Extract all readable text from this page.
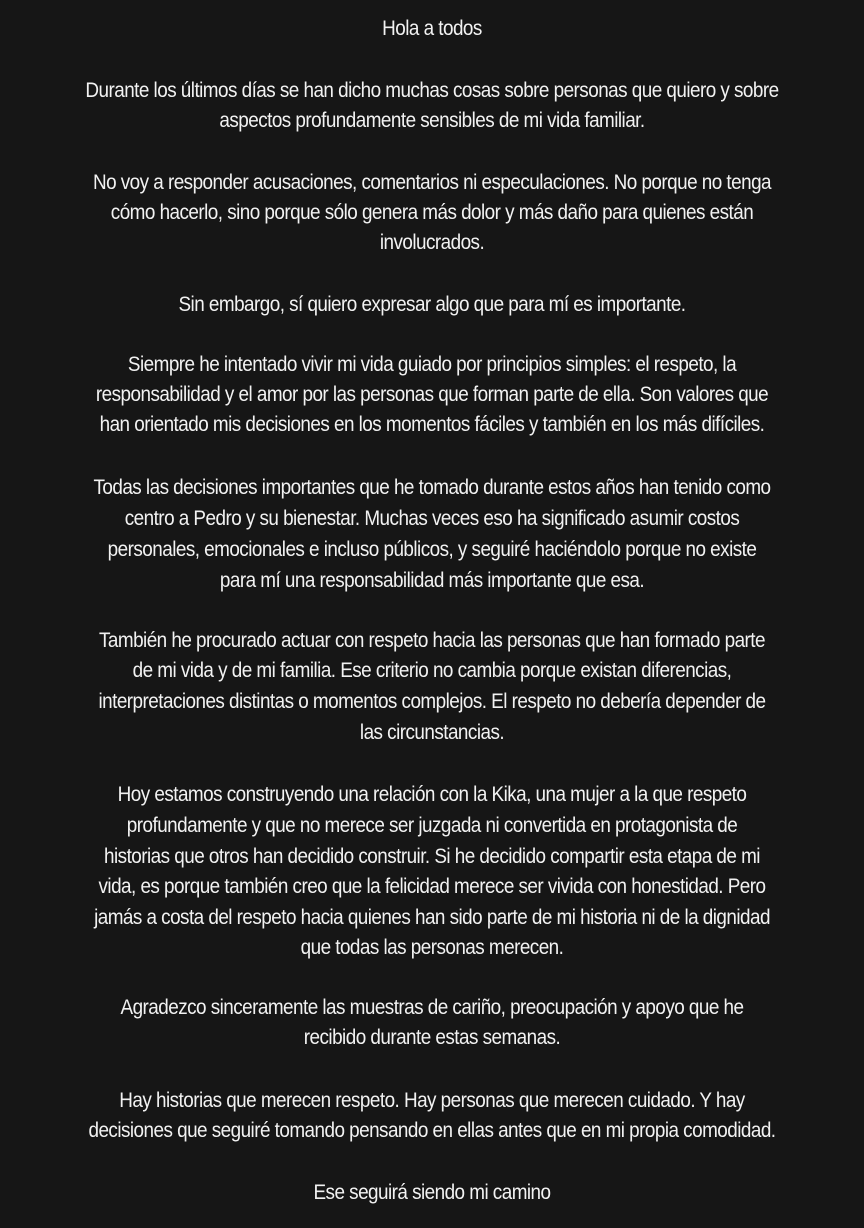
Hola a todos
Durante los últimos días se han dicho muchas cosas sobre personas que quiero y sobre
aspectos profundamente sensibles de mi vida familiar.
No voy a responder acusaciones, comentarios ni especulaciones. No porque no tenga
cómo hacerlo, sino porque sólo genera más dolor y más daño para quienes están
involucrados.
Sin embargo, sí quiero expresar algo que para mí es importante.
Siempre he intentado vivir mi vida guiado por principios simples: el respeto, la
responsabilidad y el amor por las personas que forman parte de ella. Son valores que
han orientado mis decisiones en los momentos fáciles y también en los más difíciles.
Todas las decisiones importantes que he tomado durante estos años han tenido como
centro a Pedro y su bienestar. Muchas veces eso ha significado asumir costos
personales, emocionales e incluso públicos, y seguiré haciéndolo porque no existe
para mí una responsabilidad más importante que esa.
También he procurado actuar con respeto hacia las personas que han formado parte
de mi vida y de mi familia. Ese criterio no cambia porque existan diferencias,
interpretaciones distintas o momentos complejos. El respeto no debería depender de
las circunstancias.
Hoy estamos construyendo una relación con la Kika, una mujer a la que respeto
profundamente y que no merece ser juzgada ni convertida en protagonista de
historias que otros han decidido construir. Si he decidido compartir esta etapa de mi
vida, es porque también creo que la felicidad merece ser vivida con honestidad. Pero
jamás a costa del respeto hacia quienes han sido parte de mi historia ni de la dignidad
que todas las personas merecen.
Agradezco sinceramente las muestras de cariño, preocupación y apoyo que he
recibido durante estas semanas.
Hay historias que merecen respeto. Hay personas que merecen cuidado. Y hay
decisiones que seguiré tomando pensando en ellas antes que en mi propia comodidad.
Ese seguirá siendo mi camino
